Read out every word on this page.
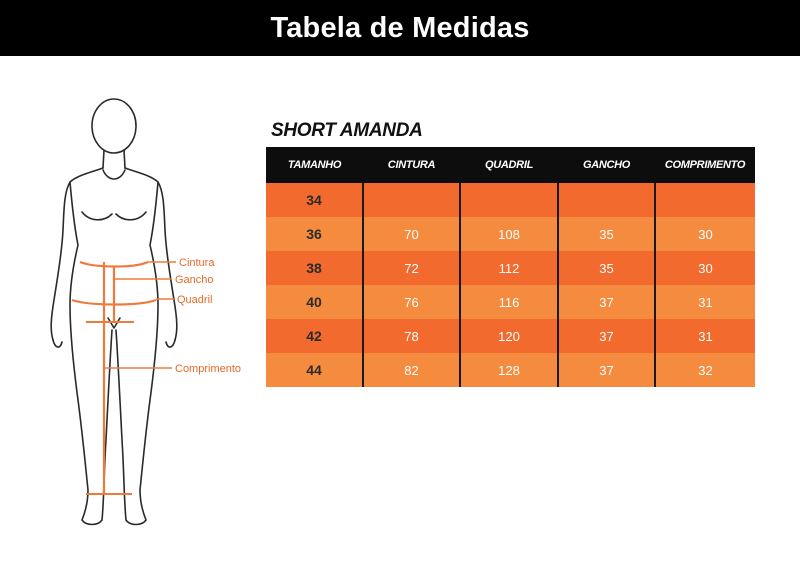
Tabela de Medidas
Cintura
Gancho
Quadril
Comprimento
SHORT AMANDA
TAMANHO	CINTURA	QUADRIL	GANCHO	COMPRIMENTO
34				
36	70	108	35	30
38	72	112	35	30
40	76	116	37	31
42	78	120	37	31
44	82	128	37	32
